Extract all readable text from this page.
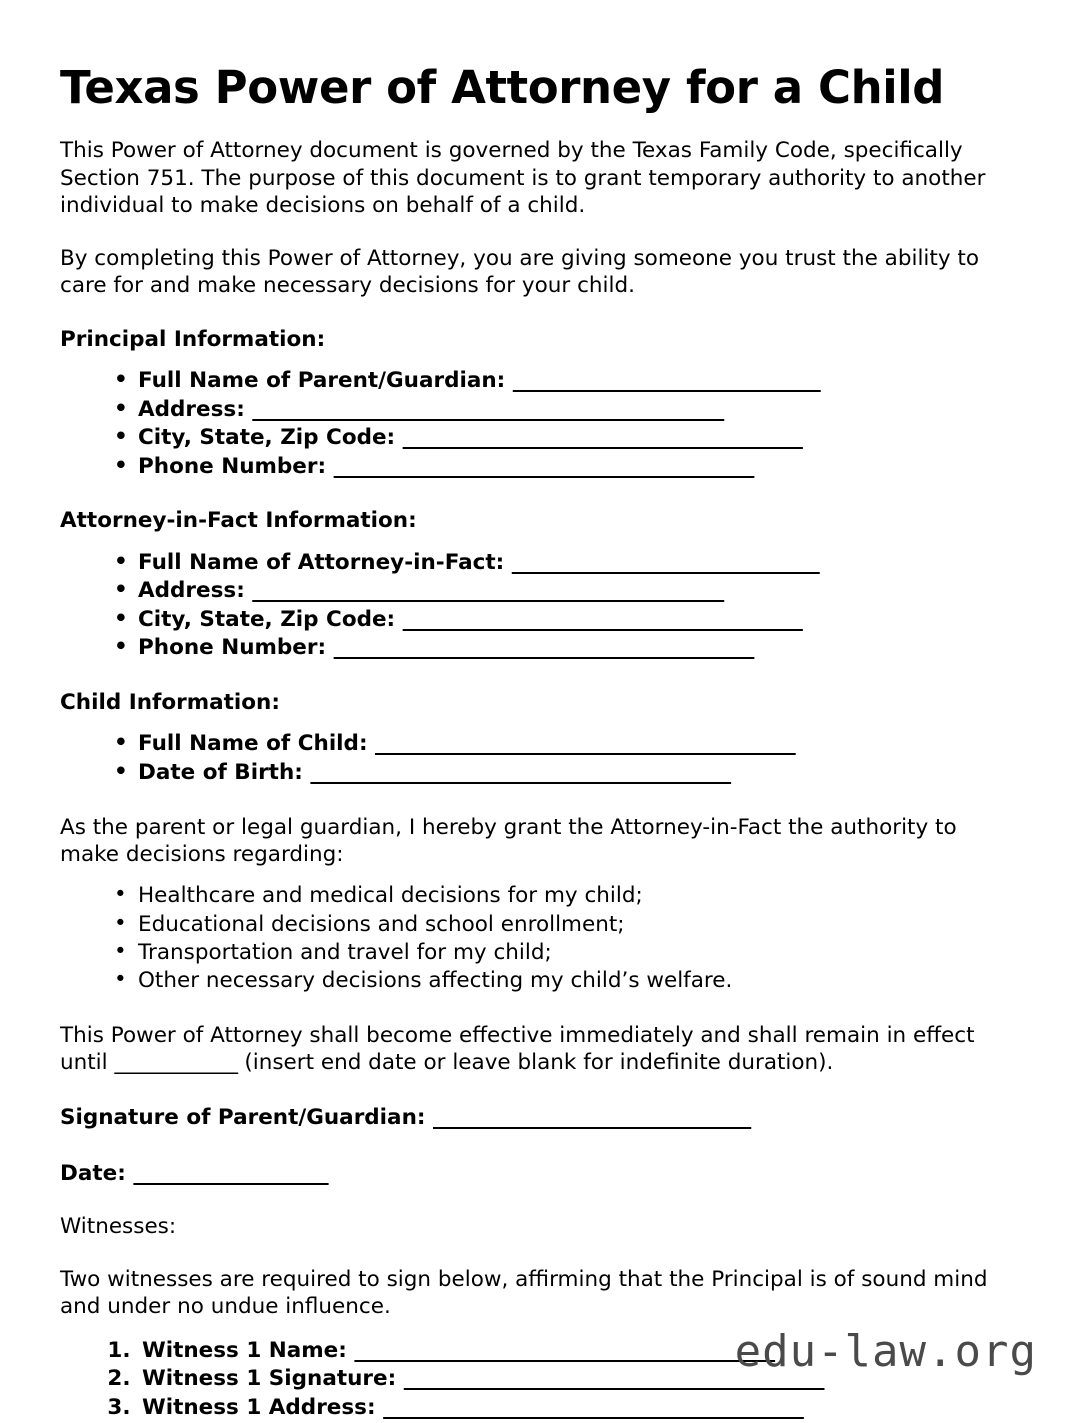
Texas Power of Attorney for a Child

This Power of Attorney document is governed by the Texas Family Code, specifically Section 751. The purpose of this document is to grant temporary authority to another individual to make decisions on behalf of a child.

By completing this Power of Attorney, you are giving someone you trust the ability to care for and make necessary decisions for your child.

Principal Information:
• Full Name of Parent/Guardian: ______________________________
• Address: ______________________________________________
• City, State, Zip Code: _______________________________________
• Phone Number: _________________________________________
Attorney-in-Fact Information:
• Full Name of Attorney-in-Fact: ______________________________
• Address: ______________________________________________
• City, State, Zip Code: _______________________________________
• Phone Number: _________________________________________
Child Information:
• Full Name of Child: _________________________________________
• Date of Birth: _________________________________________

As the parent or legal guardian, I hereby grant the Attorney-in-Fact the authority to make decisions regarding:

• Healthcare and medical decisions for my child;
• Educational decisions and school enrollment;
• Transportation and travel for my child;
• Other necessary decisions affecting my child’s welfare.

This Power of Attorney shall become effective immediately and shall remain in effect until ____________ (insert end date or leave blank for indefinite duration).

Signature of Parent/Guardian: _______________________________

Date: ___________________

Witnesses:

Two witnesses are required to sign below, affirming that the Principal is of sound mind and under no undue influence.

1. Witness 1 Name: _________________________________________
2. Witness 1 Signature: _________________________________________
3. Witness 1 Address: _________________________________________
edu-law.org
